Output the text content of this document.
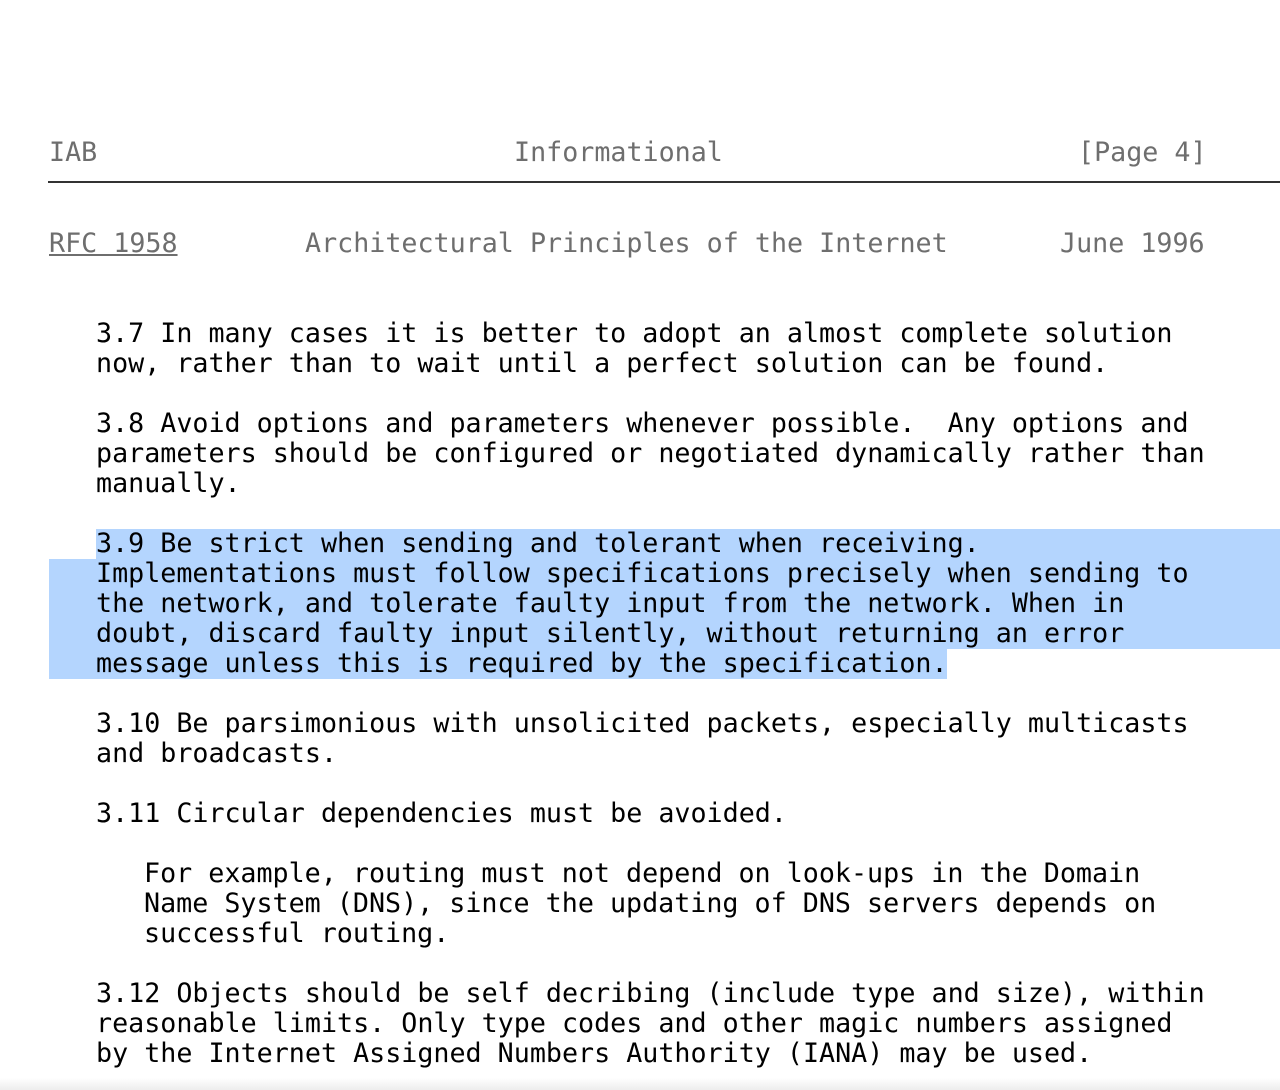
IAB	Informational	[Page 4]
RFC 1958	Architectural Principles of the Internet	June 1996
3.7 In many cases it is better to adopt an almost complete solution
now, rather than to wait until a perfect solution can be found.
3.8 Avoid options and parameters whenever possible.  Any options and
parameters should be configured or negotiated dynamically rather than
manually.
3.9 Be strict when sending and tolerant when receiving.
Implementations must follow specifications precisely when sending to
the network, and tolerate faulty input from the network. When in
doubt, discard faulty input silently, without returning an error
message unless this is required by the specification.
3.10 Be parsimonious with unsolicited packets, especially multicasts
and broadcasts.
3.11 Circular dependencies must be avoided.
For example, routing must not depend on look-ups in the Domain
Name System (DNS), since the updating of DNS servers depends on
successful routing.
3.12 Objects should be self decribing (include type and size), within
reasonable limits. Only type codes and other magic numbers assigned
by the Internet Assigned Numbers Authority (IANA) may be used.
